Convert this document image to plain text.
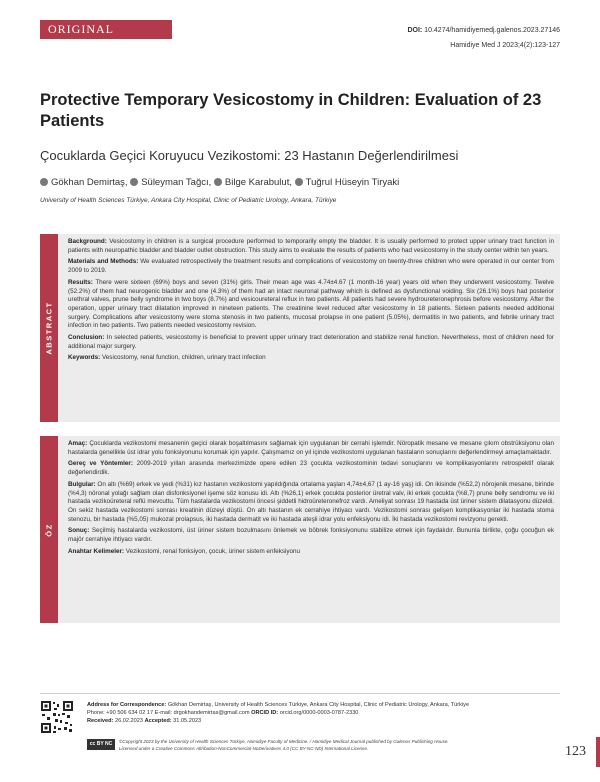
ORIGINAL ARTICLE
DOI: 10.4274/hamidiyemedj.galenos.2023.27146
Hamidiye Med J 2023;4(2):123-127
Protective Temporary Vesicostomy in Children: Evaluation of 23 Patients
Çocuklarda Geçici Koruyucu Vezikostomi: 23 Hastanın Değerlendirilmesi
Gökhan Demirtaş, Süleyman Tağcı, Bilge Karabulut, Tuğrul Hüseyin Tiryaki
University of Health Sciences Türkiye, Ankara City Hospital, Clinic of Pediatric Urology, Ankara, Türkiye
ABSTRACT

Background: Vesicostomy in children is a surgical procedure performed to temporarily empty the bladder. It is usually performed to protect upper urinary tract function in patients with neuropathic bladder and bladder outlet obstruction. This study aims to evaluate the results of patients who had vesicostomy in the study center within ten years.

Materials and Methods: We evaluated retrospectively the treatment results and complications of vesicostomy on twenty-three children who were operated in our center from 2009 to 2019.

Results: There were sixteen (69%) boys and seven (31%) girls. Their mean age was 4.74±4.67 (1 month-16 year) years old when they underwent vesicostomy. Twelve (52.2%) of them had neurogenic bladder and one (4.3%) of them had an intact neuronal pathway which is defined as dysfunctional voiding. Six (26.1%) boys had posterior urethral valves, prune belly syndrome in two boys (8.7%) and vesicoureteral reflux in two patients. All patients had severe hydroureteronephrosis before vesicostomy. After the operation, upper urinary tract dilatation improved in nineteen patients. The creatinine level reduced after vesicostomy in 18 patients. Sixteen patients needed additional surgery. Complications after vesicostomy were stoma stenosis in two patients, mucosal prolapse in one patient (5.05%), dermatitis in two patients, and febrile urinary tract infection in two patients. Two patients needed vesicostomy revision.

Conclusion: In selected patients, vesicostomy is beneficial to prevent upper urinary tract deterioration and stabilize renal function. Nevertheless, most of children need for additional major surgery.

Keywords: Vesicostomy, renal function, children, urinary tract infection

ÖZ

Amaç: Çocuklarda vezikostomi mesanenin geçici olarak boşaltılmasını sağlamak için uygulanan bir cerrahi işlemdir. Nöropatik mesane ve mesane çıkım obstrüksiyonu olan hastalarda genellikle üst idrar yolu fonksiyonunu korumak için yapılır. Çalışmamız on yıl içinde vezikostomi uygulanan hastaların sonuçlarını değerlendirmeyi amaçlamaktadır.

Gereç ve Yöntemler: 2009-2019 yılları arasında merkezimizde opere edilen 23 çocukta vezikostominin tedavi sonuçlarını ve komplikasyonlarını retrospektif olarak değerlendirdik.

Bulgular: On altı (%69) erkek ve yedi (%31) kız hastanın vezikostomi yapıldığında ortalama yaşları 4,74±4,67 (1 ay-16 yaş) idi. On ikisinde (%52,2) nörojenik mesane, birinde (%4,3) nöronal yolağı sağlam olan disfonksiyonel işeme söz konusu idi. Altı (%26,1) erkek çocukta posterior üretral valv, iki erkek çocukta (%8,7) prune belly sendromu ve iki hastada vezikoüreteral reflü mevcuttu. Tüm hastalarda vezikostomi öncesi şiddetli hidroüreteronefroz vardı. Ameliyat sonrası 19 hastada üst üriner sistem dilatasyonu düzeldi. On sekiz hastada vezikostomi sonrası kreatinin düzeyi düştü. On altı hastanın ek cerrahiye ihtiyacı vardı. Vezikostomi sonrası gelişen komplikasyonlar iki hastada stoma stenozu, bir hastada (%5,05) mukozal prolapsus, iki hastada dermatit ve iki hastada ateşli idrar yolu enfeksiyonu idi. İki hastada vezikostomi revizyonu gerekti.

Sonuç: Seçilmiş hastalarda vezikostomi, üst üriner sistem bozulmasını önlemek ve böbrek fonksiyonunu stabilize etmek için faydalıdır. Bununla birlikte, çoğu çocuğun ek majör cerrahiye ihtiyacı vardır.

Anahtar Kelimeler: Vezikostomi, renal fonksiyon, çocuk, üriner sistem enfeksiyonu

Address for Correspondence: Gökhan Demirtaş, University of Health Sciences Türkiye, Ankara City Hospital, Clinic of Pediatric Urology, Ankara, Türkiye
Phone: +90 506 634 02 17 E-mail: drgokhandemirtas@gmail.com ORCID ID: orcid.org/0000-0003-0787-2330
Received: 26.02.2023 Accepted: 31.05.2023
cc BY NC ND
©Copyright 2023 by the University of Health Sciences Türkiye, Hamidiye Faculty of Medicine. / Hamidiye Medical Journal published by Galenos Publishing House.
Licensed under a Creative Commons Attribution-NonCommercial-NoDerivatives 4.0 (CC BY-NC-ND) International License.	123
